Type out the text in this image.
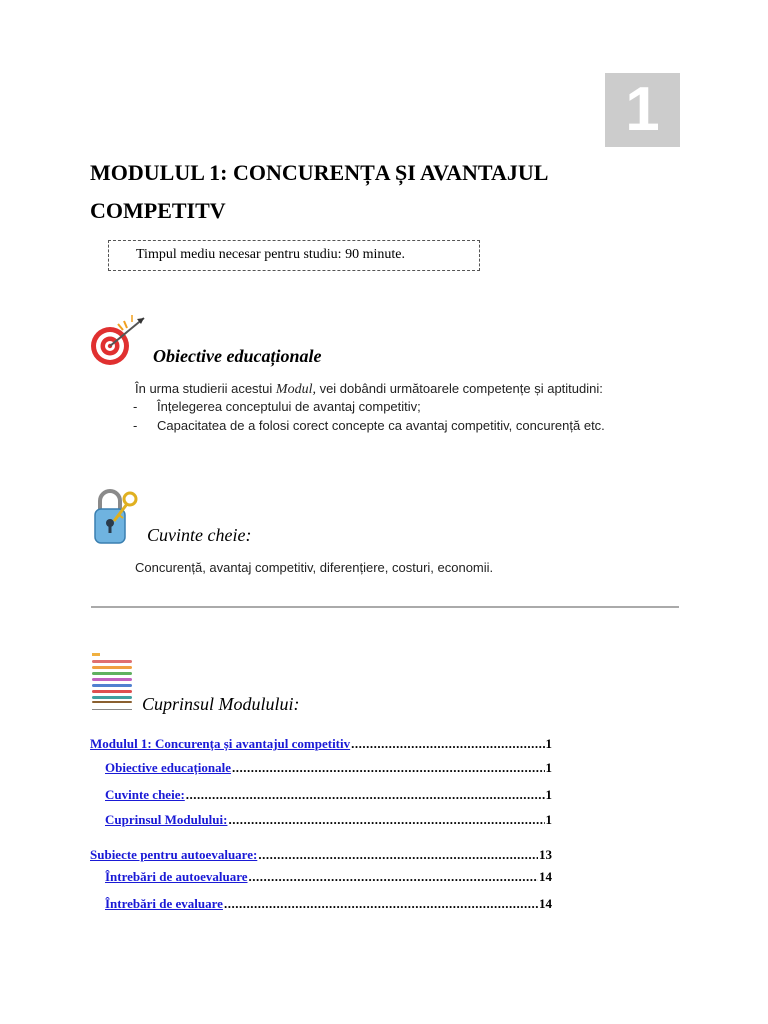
1
MODULUL 1: CONCURENȚA ȘI AVANTAJUL COMPETITV
Timpul mediu necesar pentru studiu: 90 minute.
Obiective educaționale
În urma studierii acestui Modul, vei dobândi următoarele competențe și aptitudini:
-	Înțelegerea conceptului de avantaj competitiv;
-	Capacitatea de a folosi corect concepte ca avantaj competitiv, concurență etc.
Cuvinte cheie:
Concurență, avantaj competitiv, diferențiere, costuri, economii.
Cuprinsul Modulului:
Modulul 1: Concurența și avantajul competitiv .....	1
Obiective educaționale .....	1
Cuvinte cheie: .....	1
Cuprinsul Modulului: .....	1
Subiecte pentru autoevaluare: .....	13
Întrebări de autoevaluare .....	14
Întrebări de evaluare .....	14
